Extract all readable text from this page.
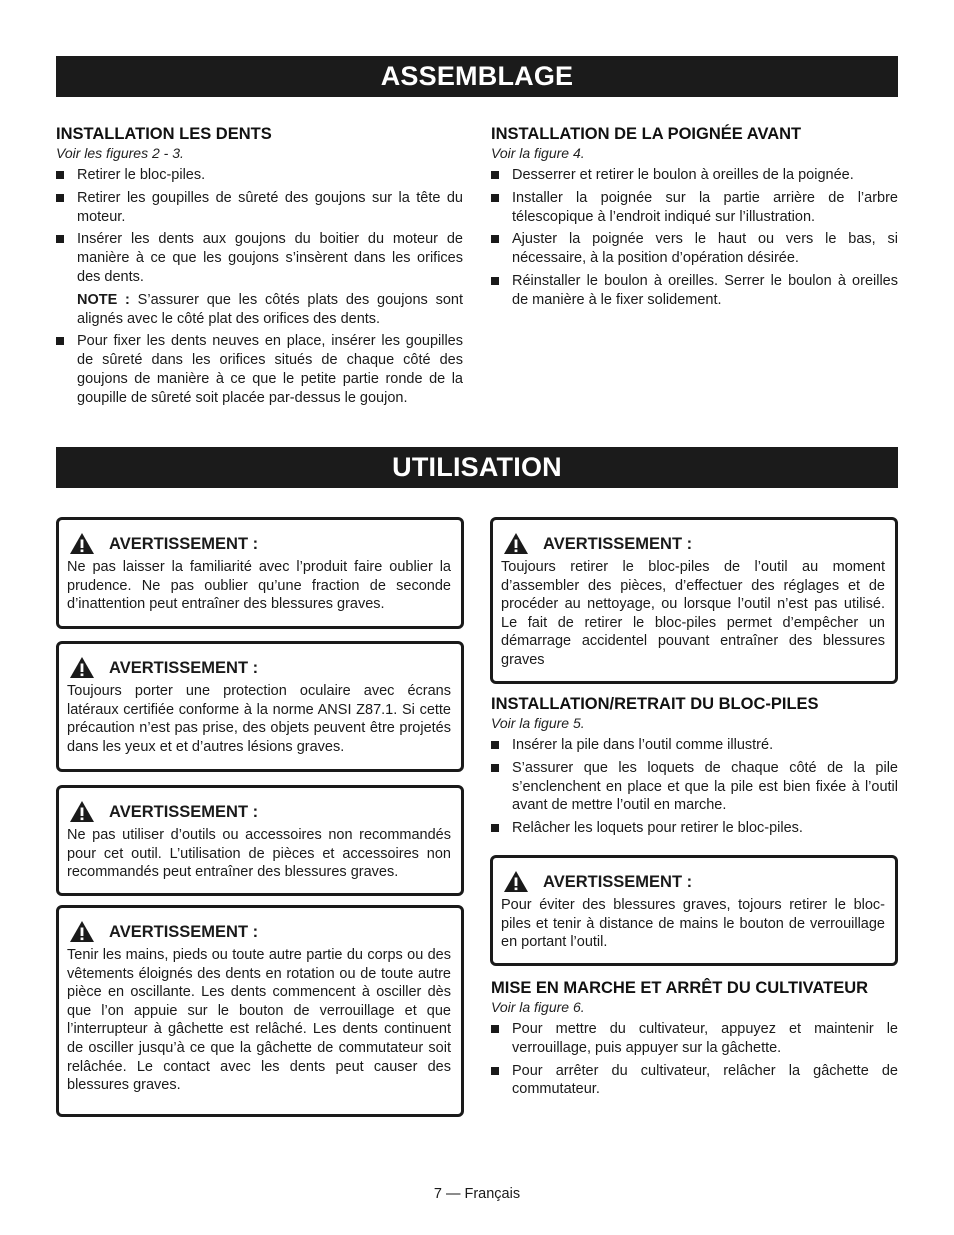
ASSEMBLAGE

INSTALLATION LES DENTS

Voir les figures 2 - 3.

Retirer le bloc-piles.
Retirer les goupilles de sûreté des goujons sur la tête du moteur.
Insérer les dents aux goujons du boitier du moteur de manière à ce que les goujons s’insèrent dans les orifices des dents.
NOTE : S’assurer que les côtés plats des goujons sont alignés avec le côté plat des orifices des dents.
Pour fixer les dents neuves en place, insérer les goupilles de sûreté dans les orifices situés de chaque côté des goujons de manière à ce que le petite partie ronde de la goupille de sûreté soit placée par-dessus le goujon.

INSTALLATION DE LA POIGNÉE AVANT

Voir la figure 4.

Desserrer et retirer le boulon à oreilles de la poignée.
Installer la poignée sur la partie arrière de l’arbre télescopique à l’endroit indiqué sur l’illustration.
Ajuster la poignée vers le haut ou vers le bas, si nécessaire, à la position d’opération désirée.
Réinstaller le boulon à oreilles. Serrer le boulon à oreilles de manière à le fixer solidement.
UTILISATION
AVERTISSEMENT :
Ne pas laisser la familiarité avec l’produit faire oublier la prudence. Ne pas oublier qu’une fraction de seconde d’inattention peut entraîner des blessures graves.
AVERTISSEMENT :
Toujours porter une protection oculaire avec écrans latéraux certifiée conforme à la norme ANSI Z87.1. Si cette précaution n’est pas prise, des objets peuvent être projetés dans les yeux et et d’autres lésions graves.
AVERTISSEMENT :
Ne pas utiliser d’outils ou accessoires non recommandés pour cet outil. L’utilisation de pièces et accessoires non recommandés peut entraîner des blessures graves.
AVERTISSEMENT :
Tenir les mains, pieds ou toute autre partie du corps ou des vêtements éloignés des dents en rotation ou de toute autre pièce en oscillante. Les dents commencent à osciller dès que l’on appuie sur le bouton de verrouillage et que l’interrupteur à gâchette est relâché. Les dents continuent de osciller jusqu’à ce que la gâchette de commutateur soit relâchée. Le contact avec les dents peut causer des blessures graves.
AVERTISSEMENT :
Toujours retirer le bloc-piles de l’outil au moment d’assembler des pièces, d’effectuer des réglages et de procéder au nettoyage, ou lorsque l’outil n’est pas utilisé. Le fait de retirer le bloc-piles permet d’empêcher un démarrage accidentel pouvant entraîner des blessures graves

INSTALLATION/RETRAIT DU BLOC-PILES

Voir la figure 5.

Insérer la pile dans l’outil comme illustré.
S’assurer que les loquets de chaque côté de la pile s’enclenchent en place et que la pile est bien fixée à l’outil avant de mettre l’outil en marche.
Relâcher les loquets pour retirer le bloc-piles.
AVERTISSEMENT :
Pour éviter des blessures graves, tojours retirer le bloc-piles et tenir à distance de mains le bouton de verrouillage en portant l’outil.

MISE EN MARCHE ET ARRÊT DU CULTIVATEUR

Voir la figure 6.

Pour mettre du cultivateur, appuyez et maintenir le verrouillage, puis appuyer sur la gâchette.
Pour arrêter du cultivateur, relâcher la gâchette de commutateur.
7 — Français
